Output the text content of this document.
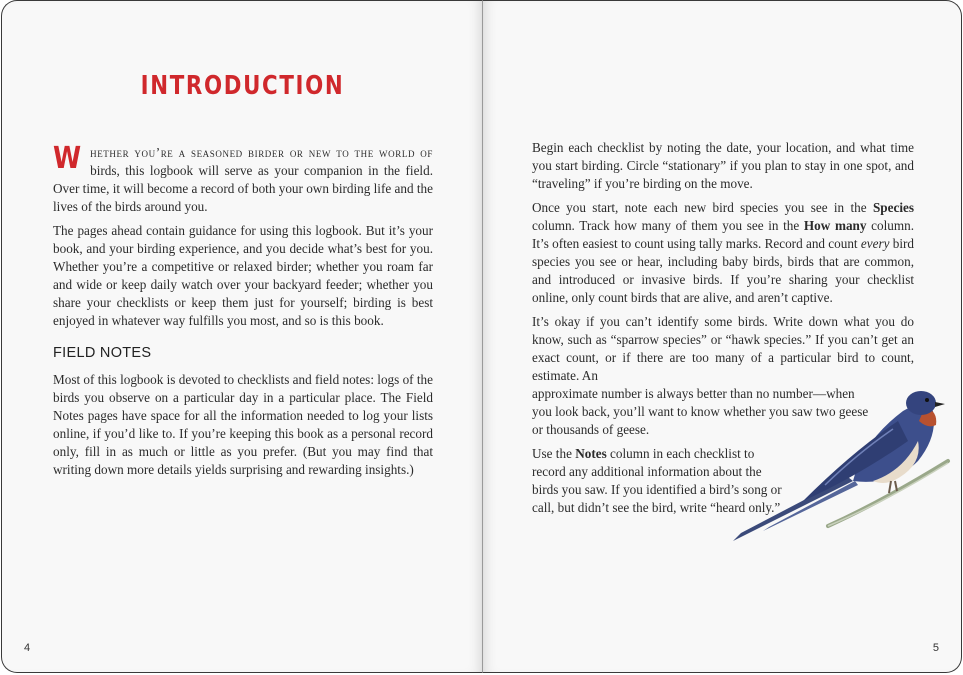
INTRODUCTION

Whether you’re a seasoned birder or new to the world of birds, this logbook will serve as your companion in the field. Over time, it will become a record of both your own birding life and the lives of the birds around you.

The pages ahead contain guidance for using this logbook. But it’s your book, and your birding experience, and you decide what’s best for you. Whether you’re a competitive or relaxed birder; whether you roam far and wide or keep daily watch over your backyard feeder; whether you share your checklists or keep them just for yourself; birding is best enjoyed in whatever way fulfills you most, and so is this book.

FIELD NOTES

Most of this logbook is devoted to checklists and field notes: logs of the birds you observe on a particular day in a particular place. The Field Notes pages have space for all the information needed to log your lists online, if you’d like to. If you’re keeping this book as a personal record only, fill in as much or little as you prefer. (But you may find that writing down more details yields surprising and rewarding insights.)

4

Begin each checklist by noting the date, your location, and what time you start birding. Circle “stationary” if you plan to stay in one spot, and “traveling” if you’re birding on the move.

Once you start, note each new bird species you see in the Species column. Track how many of them you see in the How many column. It’s often easiest to count using tally marks. Record and count every bird species you see or hear, including baby birds, birds that are common, and introduced or invasive birds. If you’re sharing your checklist online, only count birds that are alive, and aren’t captive.

It’s okay if you can’t identify some birds. Write down what you do know, such as “sparrow species” or “hawk species.” If you can’t get an exact count, or if there are too many of a particular bird to count, estimate. An

approximate number is always better than no number—when you look back, you’ll want to know whether you saw two geese or thousands of geese.

Use the Notes column in each checklist to record any additional information about the birds you saw. If you identified a bird’s song or call, but didn’t see the bird, write “heard only.”

5
